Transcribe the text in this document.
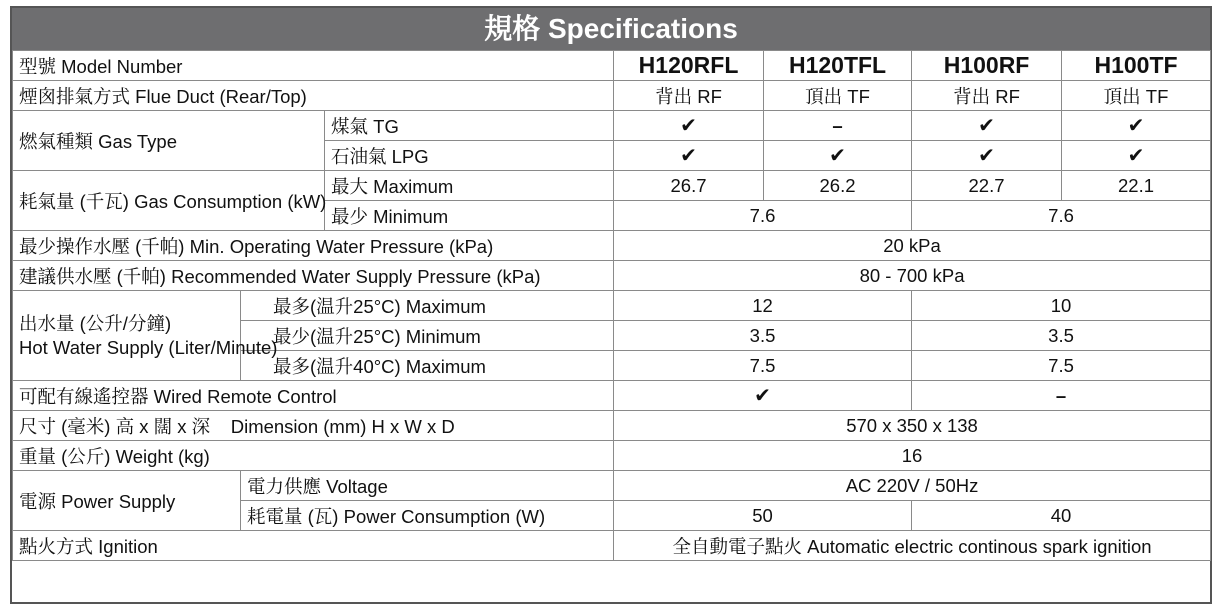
規格 Specifications
型號 Model Number			H120RFL	H120TFL	H100RF	H100TF
煙囪排氣方式 Flue Duct (Rear/Top)			背出 RF	頂出 TF	背出 RF	頂出 TF
燃氣種類 Gas Type		煤氣 TG	✔	–	✔	✔
		石油氣 LPG	✔	✔	✔	✔
耗氣量 (千瓦) Gas Consumption (kW)		最大 Maximum	26.7	26.2	22.7	22.1
		最少 Minimum	7.6		7.6	
最少操作水壓 (千帕) Min. Operating Water Pressure (kPa)			20 kPa			
建議供水壓 (千帕) Recommended Water Supply Pressure (kPa)			80 - 700 kPa			

出水量 (公升/分鐘)
Hot Water Supply (Liter/Minute)	最多(温升25°C) Maximum		12		10	
	最少(温升25°C) Minimum		3.5		3.5	
	最多(温升40°C) Maximum		7.5		7.5	
可配有線遙控器 Wired Remote Control			✔		–	
尺寸 (毫米) 高 x 闊 x 深    Dimension (mm) H x W x D			570 x 350 x 138			
重量 (公斤) Weight (kg)			16			
電源 Power Supply	電力供應 Voltage		AC 220V / 50Hz			
	耗電量 (瓦) Power Consumption (W)		50		40	
點火方式 Ignition			全自動電子點火 Automatic electric continous spark ignition			
